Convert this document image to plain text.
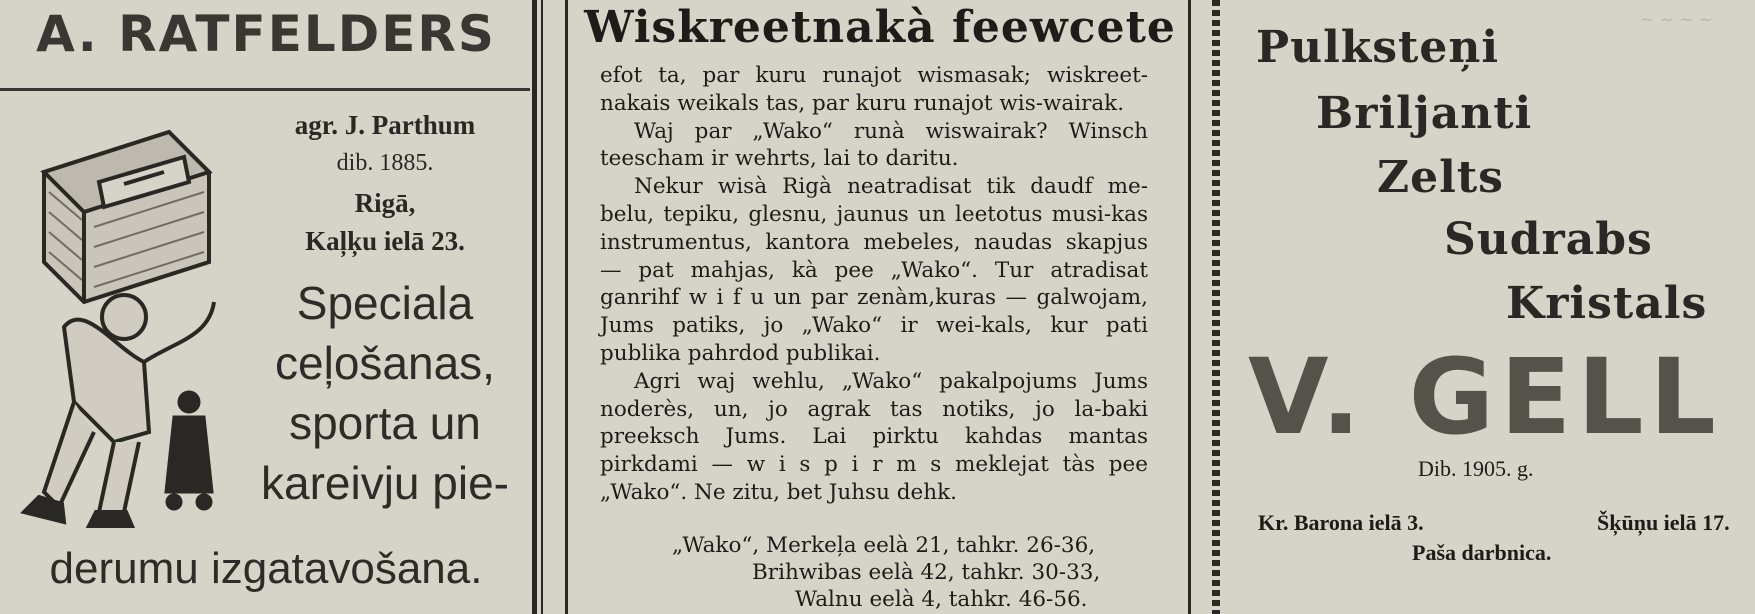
A. RATFELDERS
agr. J. Parthum
dib. 1885.
Rigā,
Kaļķu ielā 23.
Speciala
ceļošanas,
sporta un
kareivju pie-
derumu izgatavošana.
Wiskreetnakà feewcete

efot ta, par kuru runajot wismasak; wiskreet-nakais weikals tas, par kuru runajot wis-wairak.

Waj par „Wako“ runà wiswairak? Winsch teescham ir wehrts, lai to daritu.

Nekur wisà Rigà neatradisat tik daudf me-belu, tepiku, glesnu, jaunus un leetotus musi-kas instrumentus, kantora mebeles, naudas skapjus — pat mahjas, kà pee „Wako“. Tur atradisat ganrihf w i f u un par zenàm,kuras — galwojam, Jums patiks, jo „Wako“ ir wei-kals, kur pati publika pahrdod publikai.

Agri waj wehlu, „Wako“ pakalpojums Jums noderès, un, jo agrak tas notiks, jo la-baki preeksch Jums. Lai pirktu kahdas mantas pirkdami — w i s p i r m s meklejat tàs pee „Wako“. Ne zitu, bet Juhsu dehk.

„Wako“, Merkeļa eelà 21, tahkr. 26-36,
Brihwibas eelà 42, tahkr. 30-33,
Walnu eelà 4, tahkr. 46-56.
~ ~ ~ ~
Pulksteņi
Briljanti
Zelts
Sudrabs
Kristals
V. GELL
Dib. 1905. g.
Kr. Barona ielā 3.	Šķūņu ielā 17.
Paša darbnica.
